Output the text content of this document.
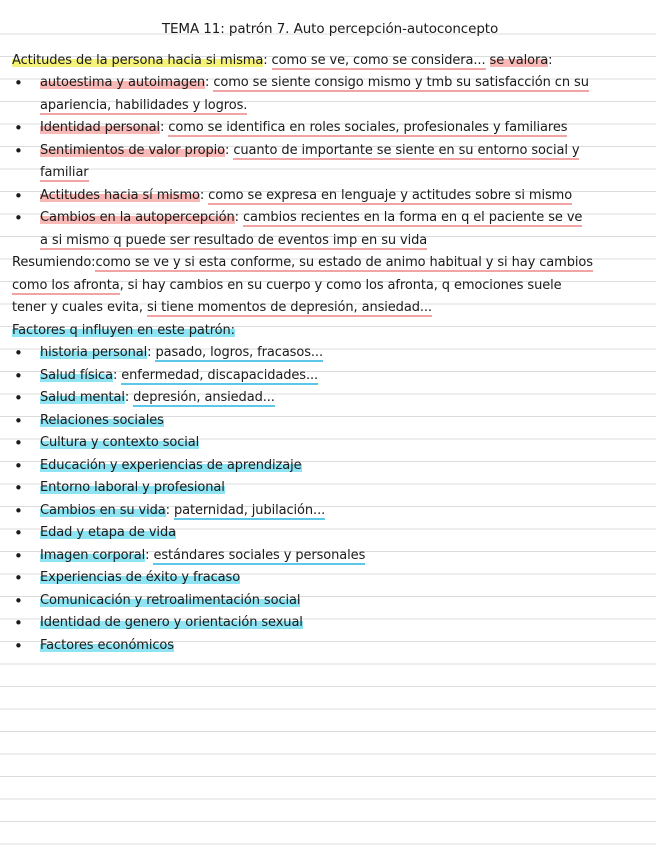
TEMA 11: patrón 7. Auto percepción-autoconcepto

Actitudes de la persona hacia si misma: como se ve, como se considera... se valora:

• autoestima y autoimagen: como se siente consigo mismo y tmb su satisfacción cn su
apariencia, habilidades y logros.
• Identidad personal: como se identifica en roles sociales, profesionales y familiares
• Sentimientos de valor propio: cuanto de importante se siente en su entorno social y
familiar
• Actitudes hacia sí mismo: como se expresa en lenguaje y actitudes sobre si mismo
• Cambios en la autopercepción: cambios recientes en la forma en q el paciente se ve
a si mismo q puede ser resultado de eventos imp en su vida

Resumiendo:como se ve y si esta conforme, su estado de animo habitual y si hay cambios
como los afronta, si hay cambios en su cuerpo y como los afronta, q emociones suele
tener y cuales evita, si tiene momentos de depresión, ansiedad...

Factores q influyen en este patrón:

• historia personal: pasado, logros, fracasos...
• Salud física: enfermedad, discapacidades...
• Salud mental: depresión, ansiedad...
• Relaciones sociales
• Cultura y contexto social
• Educación y experiencias de aprendizaje
• Entorno laboral y profesional
• Cambios en su vida: paternidad, jubilación...
• Edad y etapa de vida
• Imagen corporal: estándares sociales y personales
• Experiencias de éxito y fracaso
• Comunicación y retroalimentación social
• Identidad de genero y orientación sexual
• Factores económicos
